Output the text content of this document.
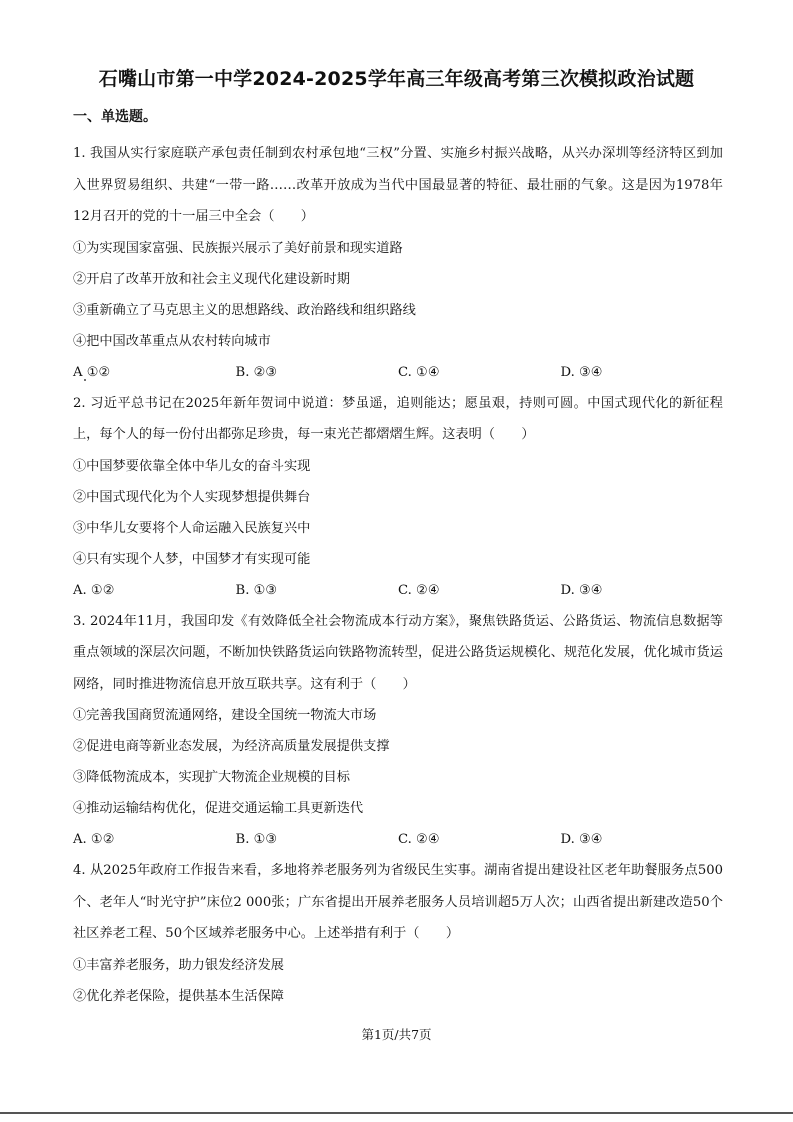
石嘴山市第一中学2024-2025学年高三年级高考第三次模拟政治试题
一、单选题。

1. 我国从实行家庭联产承包责任制到农村承包地“三权”分置、实施乡村振兴战略，从兴办深圳等经济特区到加入世界贸易组织、共建“一带一路……改革开放成为当代中国最显著的特征、最壮丽的气象。这是因为1978年12月召开的党的十一届三中全会（　　）

①为实现国家富强、民族振兴展示了美好前景和现实道路

②开启了改革开放和社会主义现代化建设新时期

③重新确立了马克思主义的思想路线、政治路线和组织路线

④把中国改革重点从农村转向城市

A ①②	B. ②③	C. ①④	D. ③④

2. 习近平总书记在2025年新年贺词中说道：梦虽遥，追则能达；愿虽艰，持则可圆。中国式现代化的新征程上，每个人的每一份付出都弥足珍贵，每一束光芒都熠熠生辉。这表明（　　）

①中国梦要依靠全体中华儿女的奋斗实现

②中国式现代化为个人实现梦想提供舞台

③中华儿女要将个人命运融入民族复兴中

④只有实现个人梦，中国梦才有实现可能

A. ①②	B. ①③	C. ②④	D. ③④

3. 2024年11月，我国印发《有效降低全社会物流成本行动方案》，聚焦铁路货运、公路货运、物流信息数据等重点领域的深层次问题，不断加快铁路货运向铁路物流转型，促进公路货运规模化、规范化发展，优化城市货运网络，同时推进物流信息开放互联共享。这有利于（　　）

①完善我国商贸流通网络，建设全国统一物流大市场

②促进电商等新业态发展，为经济高质量发展提供支撑

③降低物流成本，实现扩大物流企业规模的目标

④推动运输结构优化，促进交通运输工具更新迭代

A. ①②	B. ①③	C. ②④	D. ③④

4. 从2025年政府工作报告来看，多地将养老服务列为省级民生实事。湖南省提出建设社区老年助餐服务点500个、老年人“时光守护”床位2 000张；广东省提出开展养老服务人员培训超5万人次；山西省提出新建改造50个社区养老工程、50个区域养老服务中心。上述举措有利于（　　）

①丰富养老服务，助力银发经济发展

②优化养老保险，提供基本生活保障

第1页/共7页
